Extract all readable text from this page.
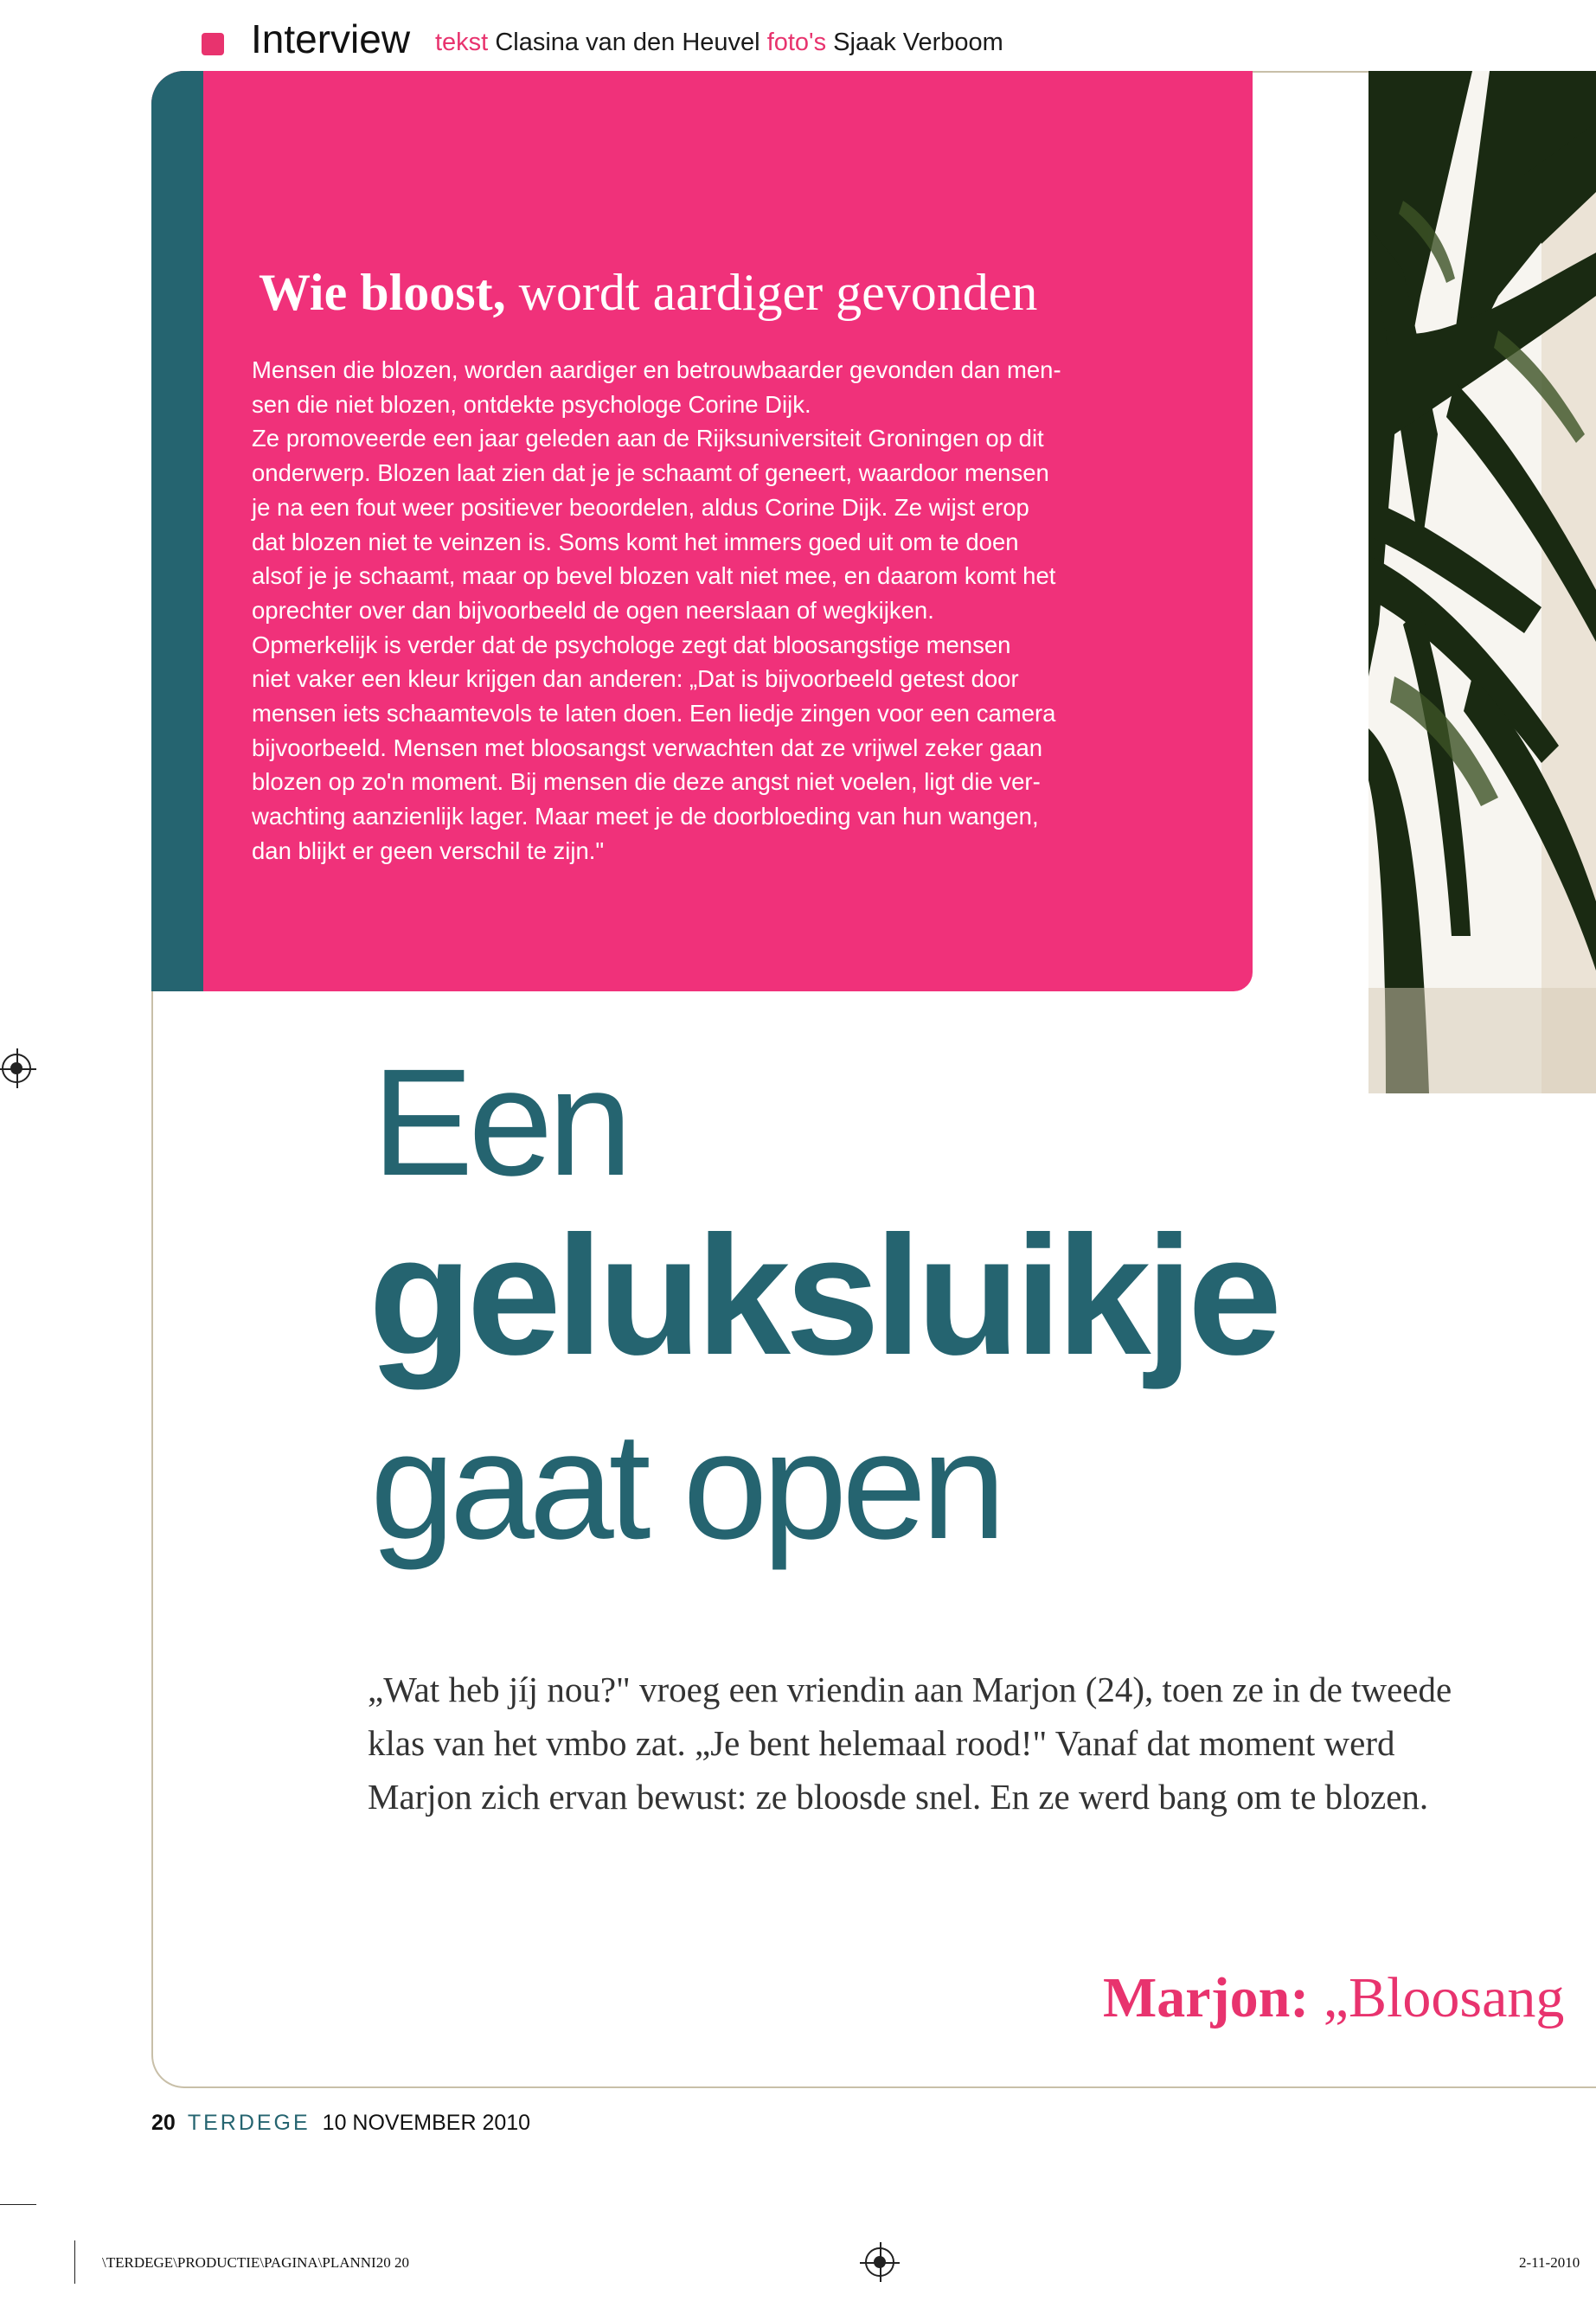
Interview tekst Clasina van den Heuvel foto's Sjaak Verboom
Wie bloost, wordt aardiger gevonden

Mensen die blozen, worden aardiger en betrouwbaarder gevonden dan men-

sen die niet blozen, ontdekte psychologe Corine Dijk.

Ze promoveerde een jaar geleden aan de Rijksuniversiteit Groningen op dit

onderwerp. Blozen laat zien dat je je schaamt of geneert, waardoor mensen

je na een fout weer positiever beoordelen, aldus Corine Dijk. Ze wijst erop

dat blozen niet te veinzen is. Soms komt het immers goed uit om te doen

alsof je je schaamt, maar op bevel blozen valt niet mee, en daarom komt het

oprechter over dan bijvoorbeeld de ogen neerslaan of wegkijken.

Opmerkelijk is verder dat de psychologe zegt dat bloosangstige mensen

niet vaker een kleur krijgen dan anderen: „Dat is bijvoorbeeld getest door

mensen iets schaamtevols te laten doen. Een liedje zingen voor een camera

bijvoorbeeld. Mensen met bloosangst verwachten dat ze vrijwel zeker gaan

blozen op zo'n moment. Bij mensen die deze angst niet voelen, ligt die ver-

wachting aanzienlijk lager. Maar meet je de doorbloeding van hun wangen,

dan blijkt er geen verschil te zijn."

Een
geluksluikje
gaat open

„Wat heb jíj nou?" vroeg een vriendin aan Marjon (24), toen ze in de tweede

klas van het vmbo zat. „Je bent helemaal rood!" Vanaf dat moment werd

Marjon zich ervan bewust: ze bloosde snel. En ze werd bang om te blozen.

Marjon: „Bloosang
20 TERDEGE 10 NOVEMBER 2010
\TERDEGE\PRODUCTIE\PAGINA\PLANNI20 20	2-11-2010
